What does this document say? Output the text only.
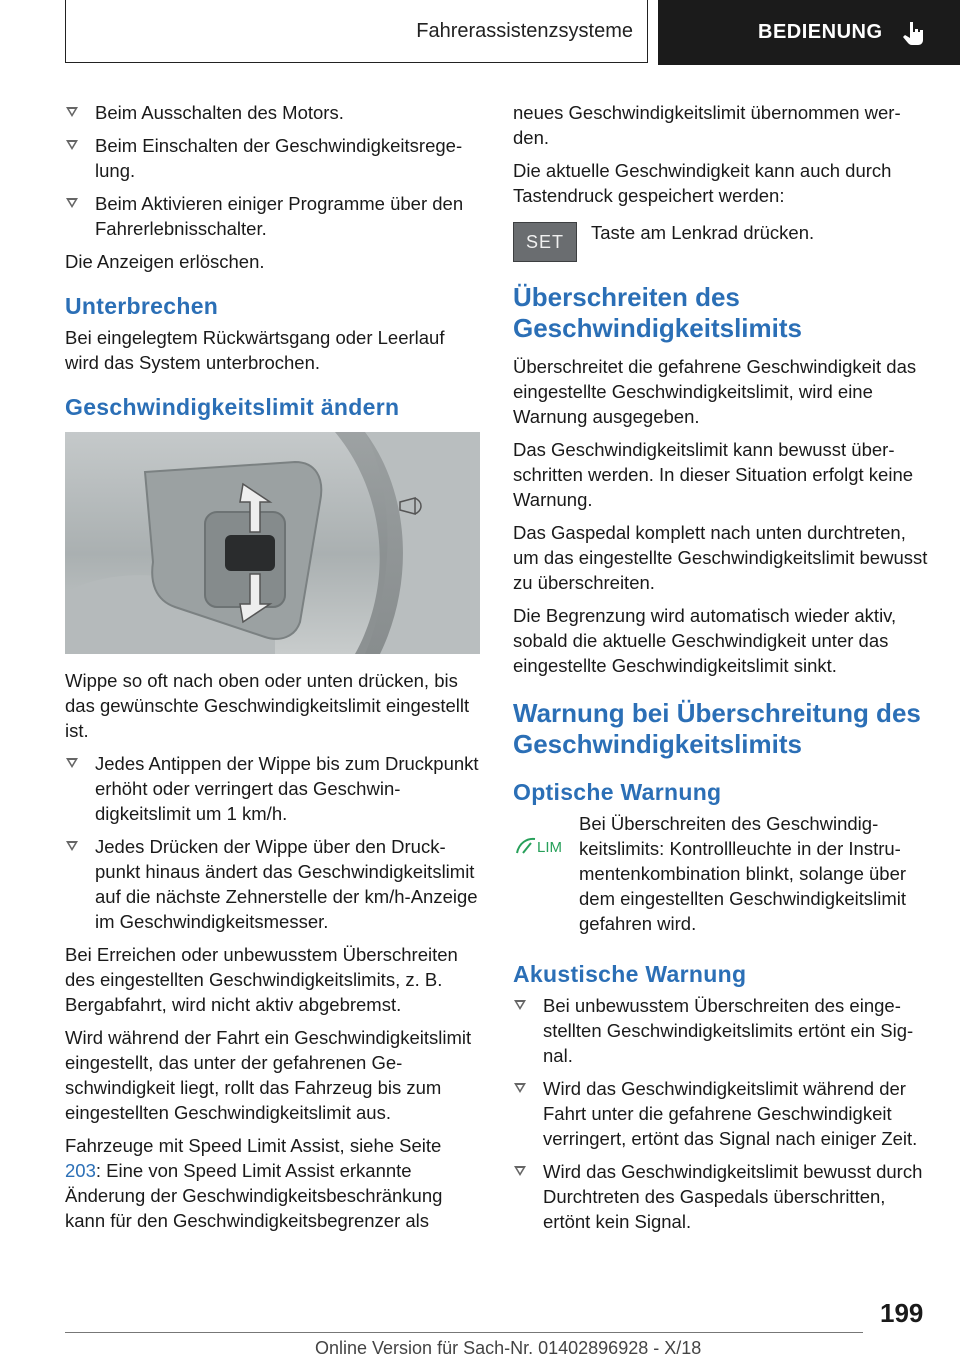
Fahrerassistenzsysteme	BEDIENUNG
Beim Ausschalten des Motors.
Beim Einschalten der Geschwindigkeitsregelung.
Beim Aktivieren einiger Programme über den Fahrerlebnisschalter.

Die Anzeigen erlöschen.

Unterbrechen

Bei eingelegtem Rückwärtsgang oder Leerlauf wird das System unterbrochen.

Geschwindigkeitslimit ändern

Wippe so oft nach oben oder unten drücken, bis das gewünschte Geschwindigkeitslimit eingestellt ist.

Jedes Antippen der Wippe bis zum Druckpunkt erhöht oder verringert das Geschwindigkeitslimit um 1 km/h.
Jedes Drücken der Wippe über den Druckpunkt hinaus ändert das Geschwindigkeitslimit auf die nächste Zehnerstelle der km/h-Anzeige im Geschwindigkeitsmesser.

Bei Erreichen oder unbewusstem Überschreiten des eingestellten Geschwindigkeitslimits, z. B. Bergabfahrt, wird nicht aktiv abgebremst.

Wird während der Fahrt ein Geschwindigkeitslimit eingestellt, das unter der gefahrenen Geschwindigkeit liegt, rollt das Fahrzeug bis zum eingestellten Geschwindigkeitslimit aus.

Fahrzeuge mit Speed Limit Assist, siehe Seite 203: Eine von Speed Limit Assist erkannte Änderung der Geschwindigkeitsbeschränkung kann für den Geschwindigkeitsbegrenzer als

neues Geschwindigkeitslimit übernommen werden.

Die aktuelle Geschwindigkeit kann auch durch Tastendruck gespeichert werden:

SET	Taste am Lenkrad drücken.
Überschreiten des Geschwindigkeitslimits

Überschreitet die gefahrene Geschwindigkeit das eingestellte Geschwindigkeitslimit, wird eine Warnung ausgegeben.

Das Geschwindigkeitslimit kann bewusst überschritten werden. In dieser Situation erfolgt keine Warnung.

Das Gaspedal komplett nach unten durchtreten, um das eingestellte Geschwindigkeitslimit bewusst zu überschreiten.

Die Begrenzung wird automatisch wieder aktiv, sobald die aktuelle Geschwindigkeit unter das eingestellte Geschwindigkeitslimit sinkt.

Warnung bei Überschreitung des Geschwindigkeitslimits
Optische Warnung
LIM
Bei Überschreiten des Geschwindigkeitslimits: Kontrollleuchte in der Instrumentenkombination blinkt, solange über dem eingestellten Geschwindigkeitslimit gefahren wird.
Akustische Warnung
Bei unbewusstem Überschreiten des eingestellten Geschwindigkeitslimits ertönt ein Signal.
Wird das Geschwindigkeitslimit während der Fahrt unter die gefahrene Geschwindigkeit verringert, ertönt das Signal nach einiger Zeit.
Wird das Geschwindigkeitslimit bewusst durch Durchtreten des Gaspedals überschritten, ertönt kein Signal.
199
Online Version für Sach-Nr. 01402896928 - X/18
